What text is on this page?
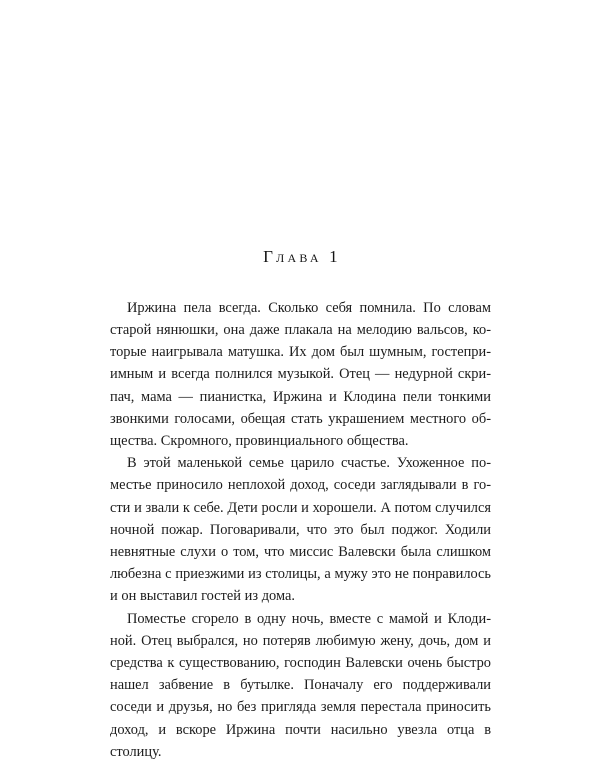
Глава 1

Иржина пела всегда. Сколько себя помнила. По словам старой нянюшки, она даже плакала на мелодию вальсов, которые наигрывала матушка. Их дом был шумным, гостеприимным и всегда полнился музыкой. Отец — недурной скрипач, мама — пианистка, Иржина и Клодина пели тонкими звонкими голосами, обещая стать украшением местного общества. Скромного, провинциального общества.

В этой маленькой семье царило счастье. Ухоженное поместье приносило неплохой доход, соседи заглядывали в гости и звали к себе. Дети росли и хорошели. А потом случился ночной пожар. Поговаривали, что это был поджог. Ходили невнятные слухи о том, что миссис Валевски была слишком любезна с приезжими из столицы, а мужу это не понравилось и он выставил гостей из дома.

Поместье сгорело в одну ночь, вместе с мамой и Клодиной. Отец выбрался, но потеряв любимую жену, дочь, дом и средства к существованию, господин Валевски очень быстро нашел забвение в бутылке. Поначалу его поддерживали соседи и друзья, но без пригляда земля перестала приносить доход, и вскоре Иржина почти насильно увезла отца в столицу.
